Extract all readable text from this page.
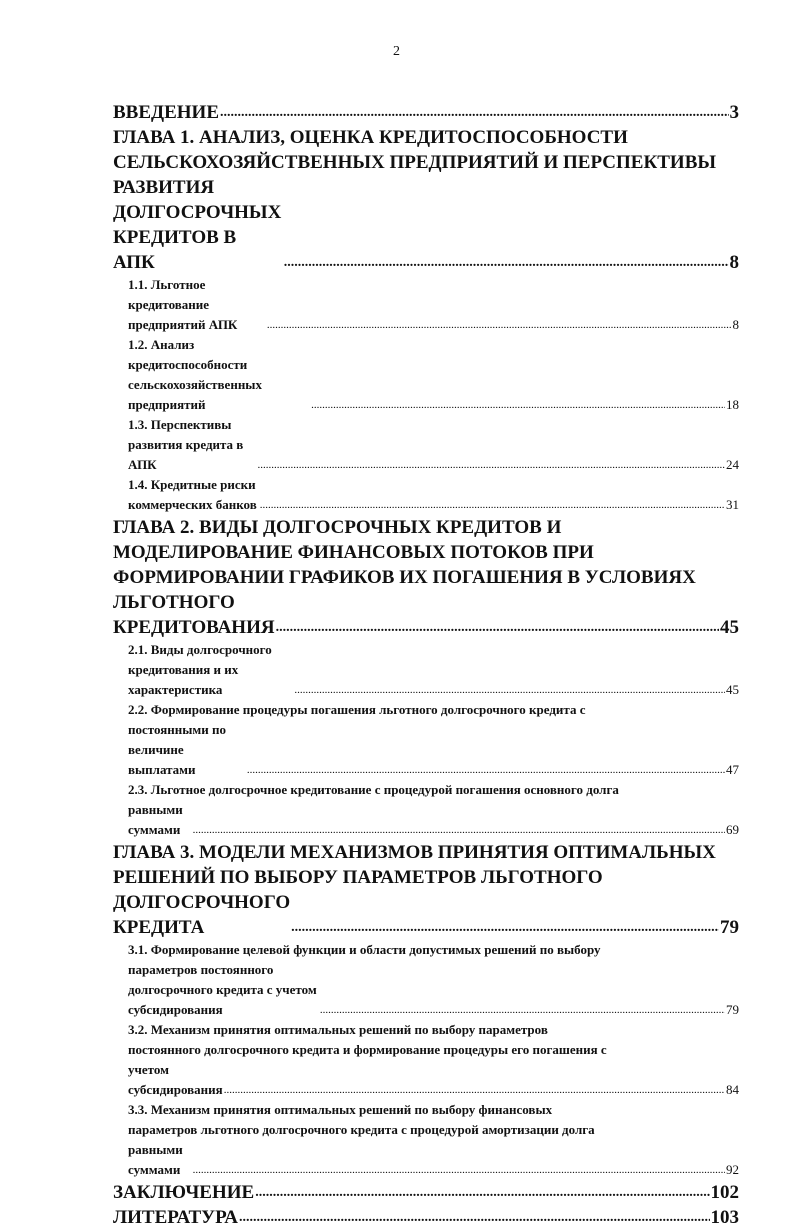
2
ВВЕДЕНИЕ .....	3
ГЛАВА 1. АНАЛИЗ, ОЦЕНКА КРЕДИТОСПОСОБНОСТИ
СЕЛЬСКОХОЗЯЙСТВЕННЫХ ПРЕДПРИЯТИЙ И ПЕРСПЕКТИВЫ
РАЗВИТИЯ ДОЛГОСРОЧНЫХ КРЕДИТОВ В АПК .....	8
1.1. Льготное кредитование предприятий АПК .....	8
1.2. Анализ кредитоспособности сельскохозяйственных предприятий .....	18
1.3. Перспективы развития кредита в АПК .....	24
1.4. Кредитные риски коммерческих банков .....	31
ГЛАВА 2. ВИДЫ ДОЛГОСРОЧНЫХ КРЕДИТОВ И
МОДЕЛИРОВАНИЕ ФИНАНСОВЫХ ПОТОКОВ ПРИ
ФОРМИРОВАНИИ ГРАФИКОВ ИХ ПОГАШЕНИЯ В УСЛОВИЯХ
ЛЬГОТНОГО КРЕДИТОВАНИЯ .....	45
2.1. Виды долгосрочного кредитования и их характеристика .....	45
2.2. Формирование процедуры погашения льготного долгосрочного кредита с
постоянными по величине выплатами .....	47
2.3. Льготное долгосрочное кредитование с процедурой погашения основного долга
равными суммами .....	69
ГЛАВА 3. МОДЕЛИ МЕХАНИЗМОВ ПРИНЯТИЯ ОПТИМАЛЬНЫХ
РЕШЕНИЙ ПО ВЫБОРУ ПАРАМЕТРОВ ЛЬГОТНОГО
ДОЛГОСРОЧНОГО КРЕДИТА .....	79
3.1. Формирование целевой функции и области допустимых решений по выбору
параметров постоянного долгосрочного кредита с учетом субсидирования .....	79
3.2. Механизм принятия оптимальных решений по выбору параметров
постоянного долгосрочного кредита и формирование процедуры его погашения с
учетом субсидирования .....	84
3.3. Механизм принятия оптимальных решений по выбору финансовых
параметров льготного долгосрочного кредита с процедурой амортизации долга
равными суммами .....	92
ЗАКЛЮЧЕНИЕ .....	102
ЛИТЕРАТУРА .....	103
